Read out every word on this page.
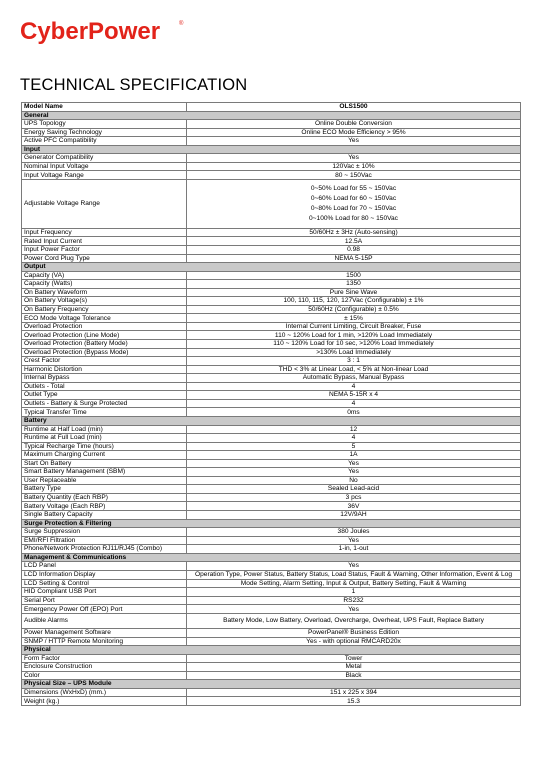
CyberPower	®
TECHNICAL SPECIFICATION
Model Name	OLS1500
General	
UPS Topology	Online Double Conversion
Energy Saving Technology	Online ECO Mode Efficiency > 95%
Active PFC Compatibility	Yes
Input	
Generator Compatibility	Yes
Nominal Input Voltage	120Vac ± 10%
Input Voltage Range	80 ~ 150Vac
Adjustable Voltage Range	0~50% Load for 55 ~ 150Vac
0~60% Load for 60 ~ 150Vac
0~80% Load for 70 ~ 150Vac
0~100% Load for 80 ~ 150Vac

Input Frequency	50/60Hz ± 3Hz (Auto-sensing)
Rated Input Current	12.5A
Input Power Factor	0.98
Power Cord Plug Type	NEMA 5-15P
Output	
Capacity (VA)	1500
Capacity (Watts)	1350
On Battery Waveform	Pure Sine Wave
On Battery Voltage(s)	100, 110, 115, 120, 127Vac (Configurable) ± 1%
On Battery Frequency	50/60Hz (Configurable) ± 0.5%
ECO Mode Voltage Tolerance	± 15%
Overload Protection	Internal Current Limiting, Circuit Breaker, Fuse
Overload Protection (Line Mode)	110 ~ 120% Load for 1 min, >120% Load Immediately
Overload Protection (Battery Mode)	110 ~ 120% Load for 10 sec, >120% Load Immediately
Overload Protection (Bypass Mode)	>130% Load Immediately
Crest Factor	3 : 1
Harmonic Distortion	THD < 3% at Linear Load, < 5% at Non-linear Load
Internal Bypass	Automatic Bypass, Manual Bypass
Outlets - Total	4
Outlet Type	NEMA 5-15R x 4
Outlets - Battery & Surge Protected	4
Typical Transfer Time	0ms
Battery	
Runtime at Half Load (min)	12
Runtime at Full Load (min)	4
Typical Recharge Time (hours)	5
Maximum Charging Current	1A
Start On Battery	Yes
Smart Battery Management (SBM)	Yes
User Replaceable	No
Battery Type	Sealed Lead-acid
Battery Quantity (Each RBP)	3 pcs
Battery Voltage (Each RBP)	36V
Single Battery Capacity	12V/9AH
Surge Protection & Filtering	
Surge Suppression	380 Joules
EMI/RFI Filtration	Yes
Phone/Network Protection RJ11/RJ45 (Combo)	1-in, 1-out
Management & Communications	
LCD Panel	Yes
LCD Information Display	Operation Type, Power Status, Battery Status, Load Status, Fault & Warning, Other Information, Event & Log
LCD Setting & Control	Mode Setting, Alarm Setting, Input & Output, Battery Setting, Fault & Warning
HID Compliant USB Port	1
Serial Port	RS232
Emergency Power Off (EPO) Port	Yes
Audible Alarms	Battery Mode, Low Battery, Overload, Overcharge, Overheat, UPS Fault, Replace Battery
Power Management Software	PowerPanel® Business Edition
SNMP / HTTP Remote Monitoring	Yes - with optional RMCARD20x
Physical	
Form Factor	Tower
Enclosure Construction	Metal
Color	Black
Physical Size – UPS Module	
Dimensions (WxHxD) (mm.)	151 x 225 x 394
Weight (kg.)	15.3
